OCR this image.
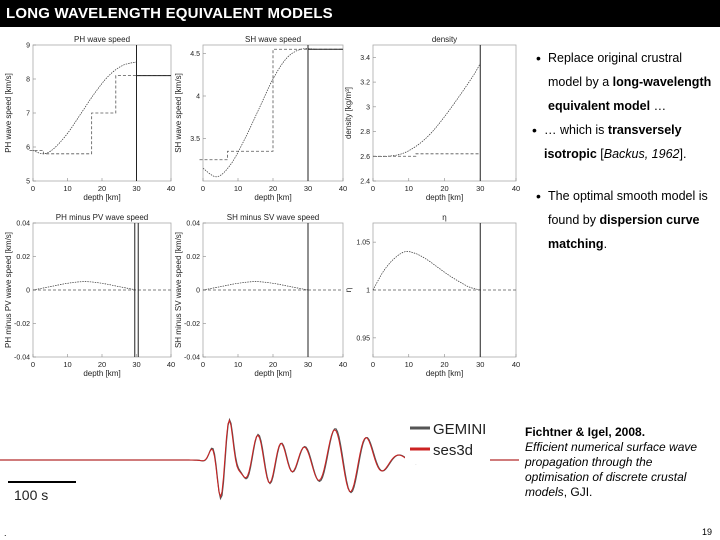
LONG WAVELENGTH EQUIVALENT MODELS
PH wave speed
depth [km]
PH wave speed [km/s]
0	10	20	30	40
5
6
7
8
9
SH wave speed
depth [km]
SH wave speed [km/s]
0	10	20	30	40
3.5
4
4.5
density
depth [km]
density [kg/m³]
0	10	20	30	40
2.4
2.6
2.8
3
3.2
3.4
PH minus PV wave speed
depth [km]
PH minus PV wave speed [km/s]
0	10	20	30	40
-0.04
-0.02
0
0.02
0.04
SH minus SV wave speed
depth [km]
SH minus SV wave speed [km/s]
0	10	20	30	40
-0.04
-0.02
0
0.02
0.04
η
depth [km]
η
0	10	20	30	40
0.95
1
1.05
• Replace original crustral model by a long-wavelength equivalent model …
• … which is transversely isotropic [Backus, 1962].
• The optimal smooth model is found by dispersion curve matching.
GEMINI
ses3d
100 s
Fichtner & Igel, 2008.
Efficient numerical surface wave propagation through the optimisation of discrete crustal models, GJI.
.	19
